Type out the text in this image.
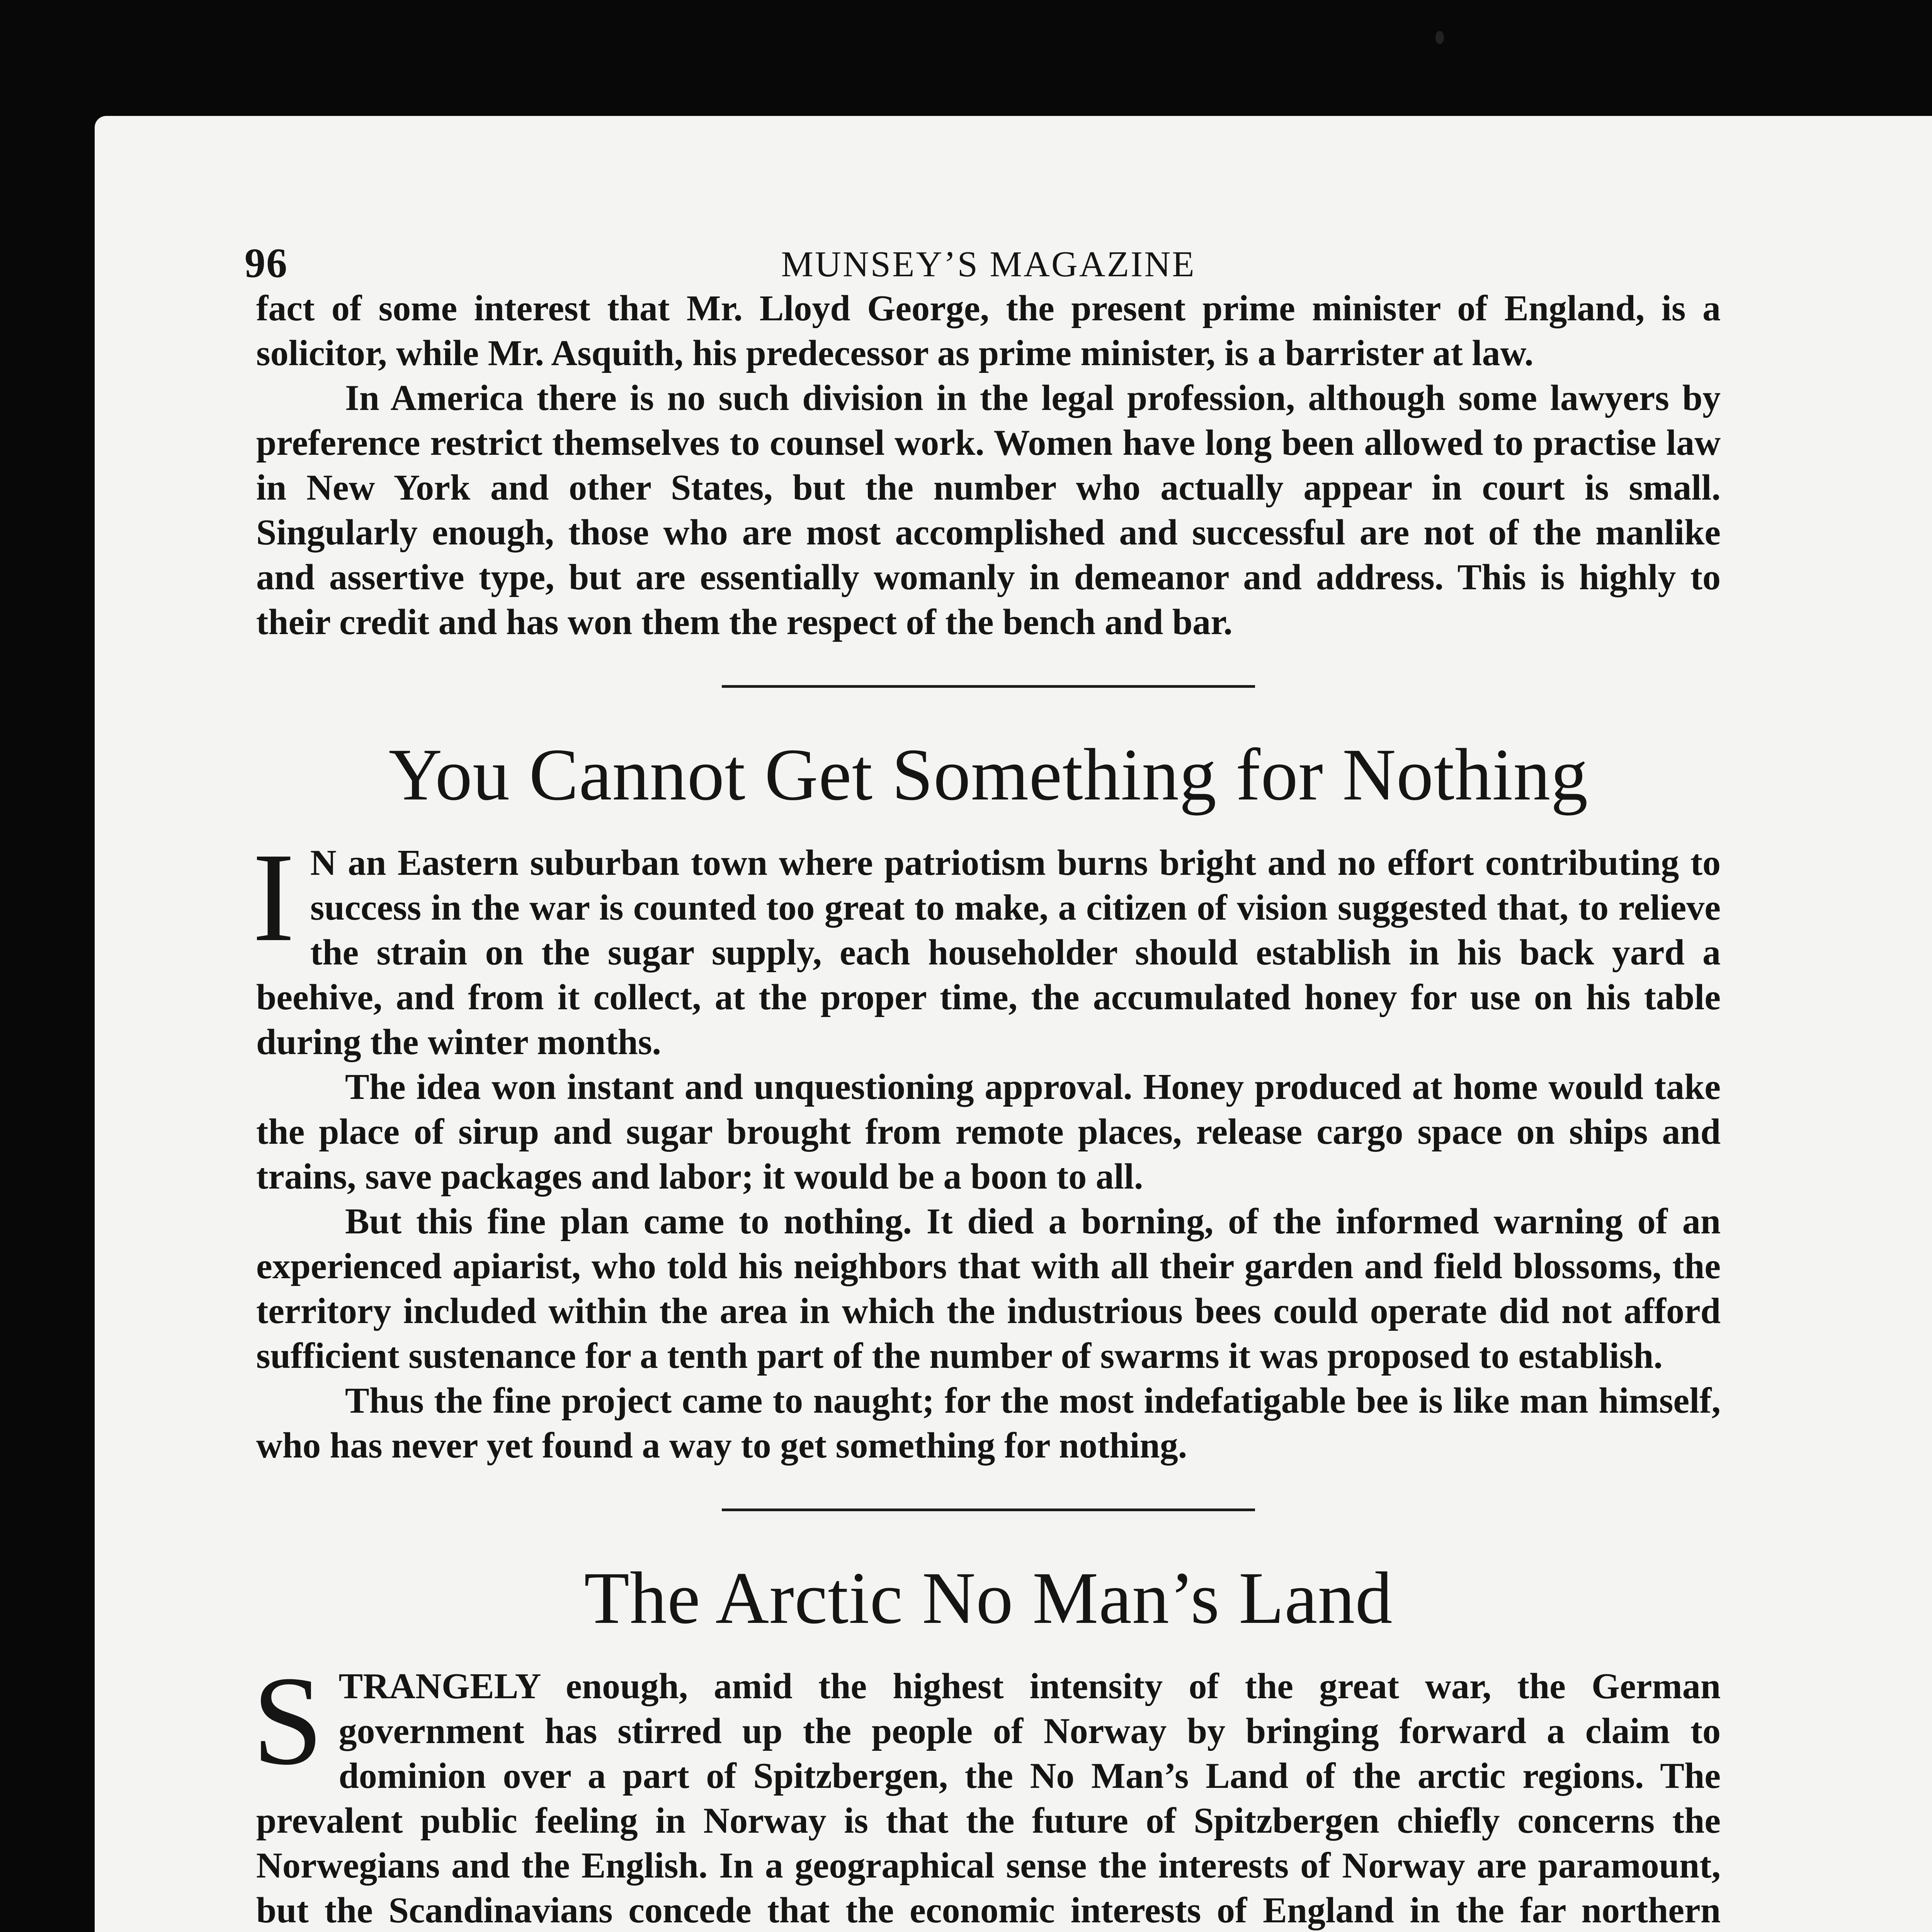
96	MUNSEY’S MAGAZINE

fact of some interest that Mr. Lloyd George, the present prime minister of England, is a solicitor, while Mr. Asquith, his predecessor as prime minister, is a barrister at law.

In America there is no such division in the legal profession, although some lawyers by preference restrict themselves to counsel work. Women have long been allowed to practise law in New York and other States, but the number who actually appear in court is small. Singularly enough, those who are most accomplished and successful are not of the manlike and assertive type, but are essentially womanly in demeanor and address. This is highly to their credit and has won them the respect of the bench and bar.

You Cannot Get Something for Nothing

I N an Eastern suburban town where patriotism burns bright and no effort contributing to success in the war is counted too great to make, a citizen of vision suggested that, to relieve the strain on the sugar supply, each householder should establish in his back yard a beehive, and from it collect, at the proper time, the accumulated honey for use on his table during the winter months.

The idea won instant and unquestioning approval. Honey produced at home would take the place of sirup and sugar brought from remote places, release cargo space on ships and trains, save packages and labor; it would be a boon to all.

But this fine plan came to nothing. It died a borning, of the informed warning of an experienced apiarist, who told his neighbors that with all their garden and field blossoms, the territory included within the area in which the industrious bees could operate did not afford sufficient sustenance for a tenth part of the number of swarms it was proposed to establish.

Thus the fine project came to naught; for the most indefatigable bee is like man himself, who has never yet found a way to get something for nothing.

The Arctic No Man’s Land

STRANGELY enough, amid the highest intensity of the great war, the German government has stirred up the people of Norway by bringing forward a claim to dominion over a part of Spitzbergen, the No Man’s Land of the arctic regions. The prevalent public feeling in Norway is that the future of Spitzbergen chiefly concerns the Norwegians and the English. In a geographical sense the interests of Norway are paramount, but the Scandinavians concede that the economic interests of England in the far northern
